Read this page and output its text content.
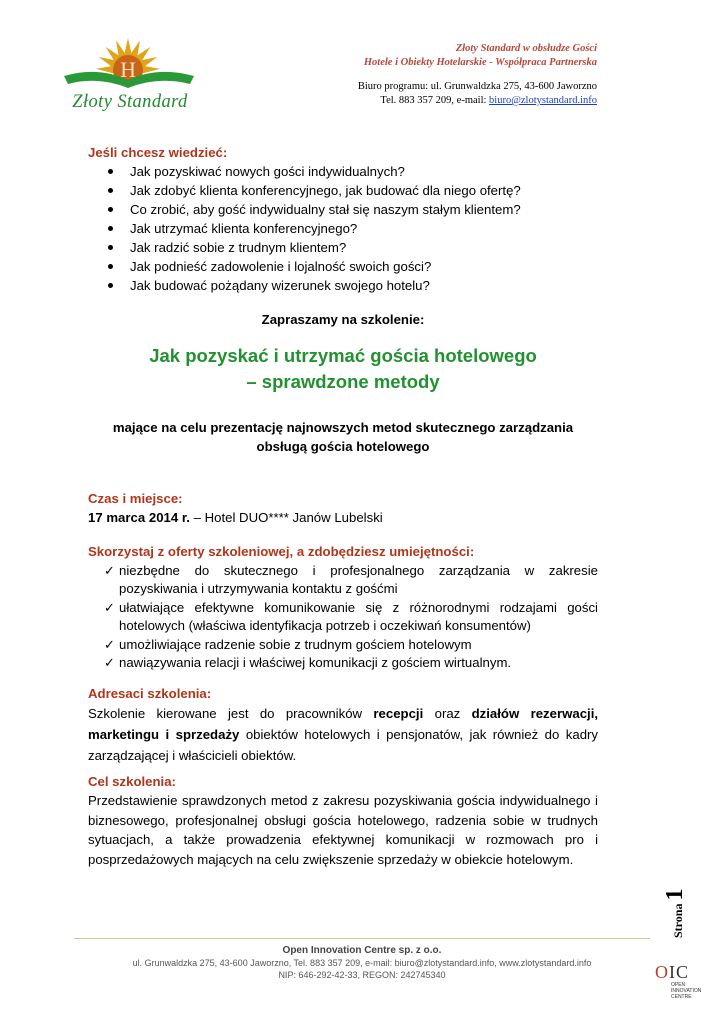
H
Złoty Standard
Złoty Standard w obsłudze Gości
Hotele i Obiekty Hotelarskie - Współpraca Partnerska
Biuro programu: ul. Grunwaldzka 275, 43-600 Jaworzno
Tel. 883 357 209, e-mail: biuro@zlotystandard.info
Jeśli chcesz wiedzieć:
Jak pozyskiwać nowych gości indywidualnych?
Jak zdobyć klienta konferencyjnego, jak budować dla niego ofertę?
Co zrobić, aby gość indywidualny stał się naszym stałym klientem?
Jak utrzymać klienta konferencyjnego?
Jak radzić sobie z trudnym klientem?
Jak podnieść zadowolenie i lojalność swoich gości?
Jak budować pożądany wizerunek swojego hotelu?
Zapraszamy na szkolenie:
Jak pozyskać i utrzymać gościa hotelowego
– sprawdzone metody
mające na celu prezentację najnowszych metod skutecznego zarządzania
obsługą gościa hotelowego
Czas i miejsce:
17 marca 2014 r. – Hotel DUO**** Janów Lubelski
Skorzystaj z oferty szkoleniowej, a zdobędziesz umiejętności:
✓ niezbędne do skutecznego i profesjonalnego zarządzania w zakresie pozyskiwania i utrzymywania kontaktu z gośćmi
✓ ułatwiające efektywne komunikowanie się z różnorodnymi rodzajami gości hotelowych (właściwa identyfikacja potrzeb i oczekiwań konsumentów)
✓ umożliwiające radzenie sobie z trudnym gościem hotelowym
✓ nawiązywania relacji i właściwej komunikacji z gościem wirtualnym.
Adresaci szkolenia:
Szkolenie kierowane jest do pracowników recepcji oraz działów rezerwacji, marketingu i sprzedaży obiektów hotelowych i pensjonatów, jak również do kadry zarządzającej i właścicieli obiektów.
Cel szkolenia:
Przedstawienie sprawdzonych metod z zakresu pozyskiwania gościa indywidualnego i biznesowego, profesjonalnej obsługi gościa hotelowego, radzenia sobie w trudnych sytuacjach, a także prowadzenia efektywnej komunikacji w rozmowach pro i posprzedażowych mających na celu zwiększenie sprzedaży w obiekcie hotelowym.
Strona1
Open Innovation Centre sp. z o.o.
ul. Grunwaldzka 275, 43-600 Jaworzno, Tel. 883 357 209, e-mail: biuro@zlotystandard.info, www.zlotystandard.info
NIP: 646-292-42-33, REGON: 242745340	OIC
OPEN
INNOVATION
CENTRE
